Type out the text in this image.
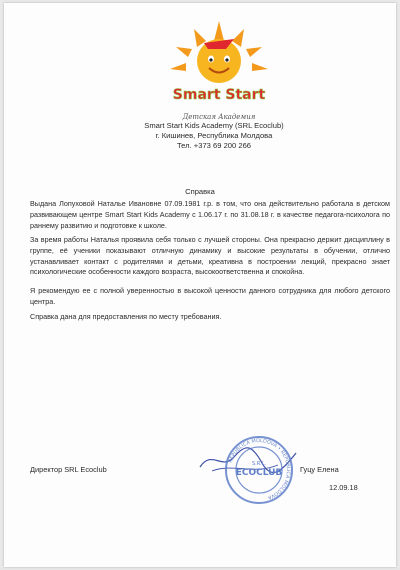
Smart Start
Детская Академия
Smart Start Kids Academy (SRL Ecoclub)
г. Кишинев, Республика Молдова
Тел. +373 69 200 266
Справка
Выдана Лопуховой Наталье Ивановне 07.09.1981 г.р. в том, что она действительно работала в детском развивающем центре Smart Start Kids Academy с 1.06.17 г. по 31.08.18 г. в качестве педагога-психолога по раннему развитию и подготовке к школе.
За время работы Наталья проявила себя только с лучшей стороны. Она прекрасно держит дисциплину в группе, её ученики показывают отличную динамику и высокие результаты в обучении, отлично устанавливает контакт с родителями и детьми, креативна в построении лекций, прекрасно знает психологические особенности каждого возраста, высокоответственна и спокойна.
Я рекомендую ее с полной уверенностью в высокой ценности данного сотрудника для любого детского центра.
Справка дана для предоставления по месту требования.
REPUBLICA MOLDOVA • REPUBLICA MOLDOVA
S.R.L.
ECOCLUB
Директор SRL Ecoclub	Гуцу Елена
12.09.18
